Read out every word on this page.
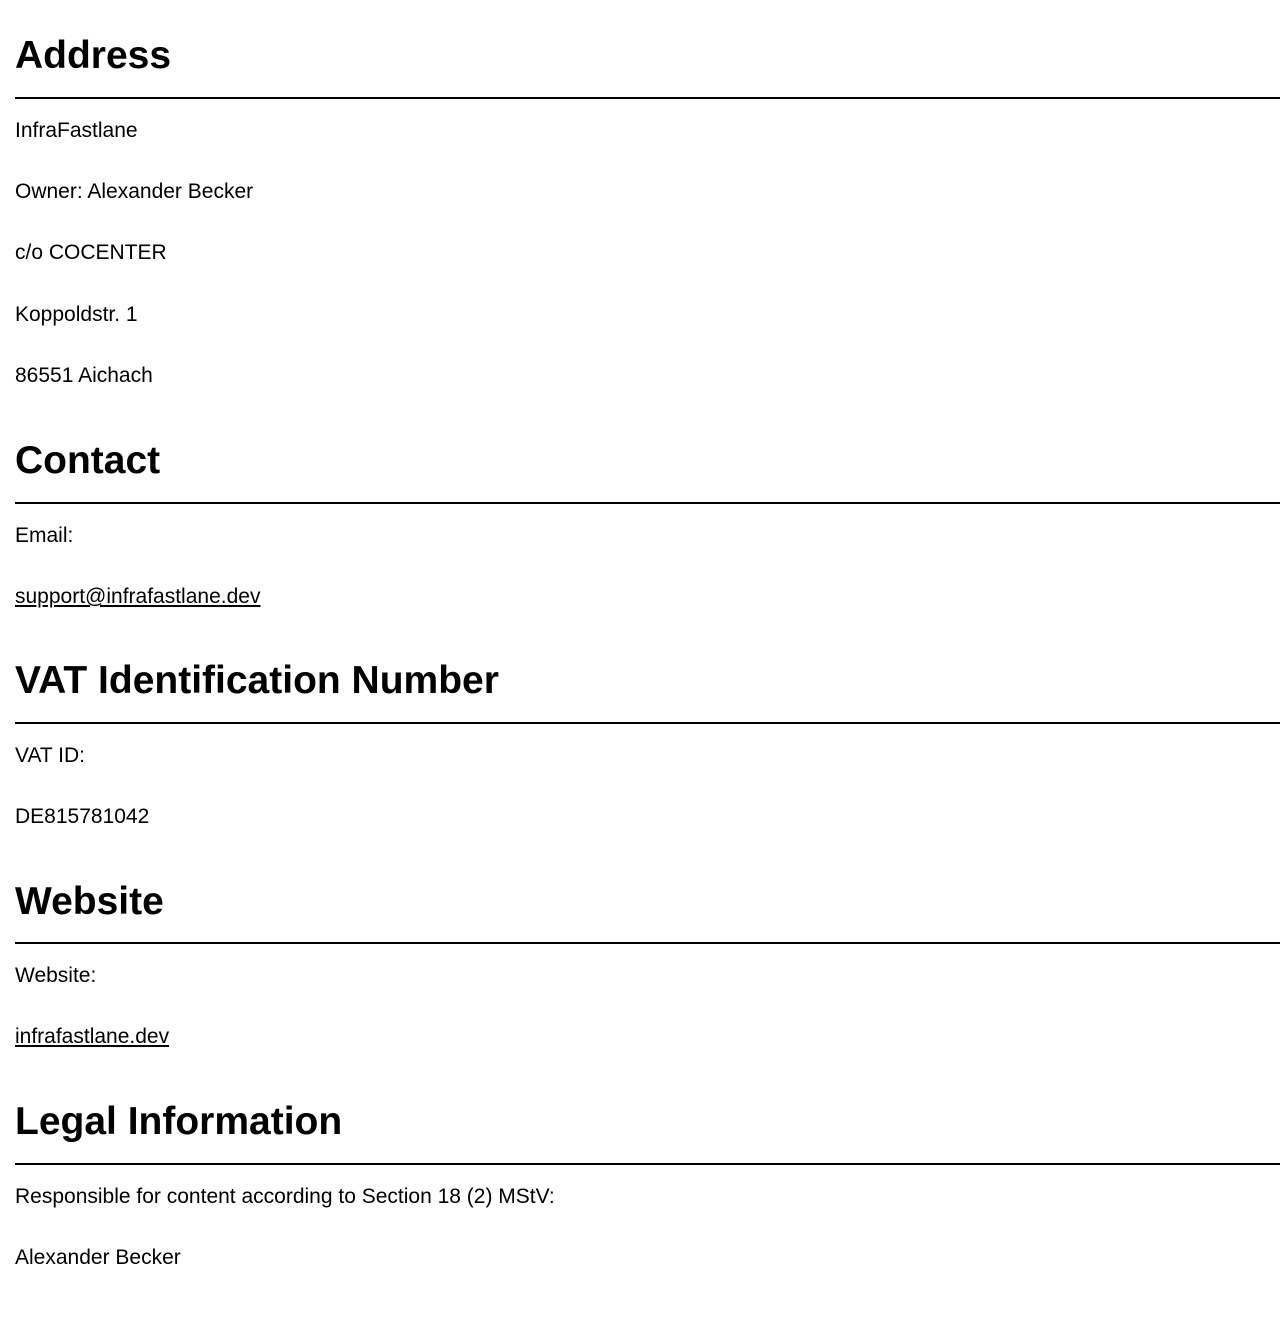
Address

InfraFastlane

Owner: Alexander Becker

c/o COCENTER

Koppoldstr. 1

86551 Aichach

Contact

Email:

support@infrafastlane.dev

VAT Identification Number

VAT ID:

DE815781042

Website

Website:

infrafastlane.dev

Legal Information

Responsible for content according to Section 18 (2) MStV:

Alexander Becker
